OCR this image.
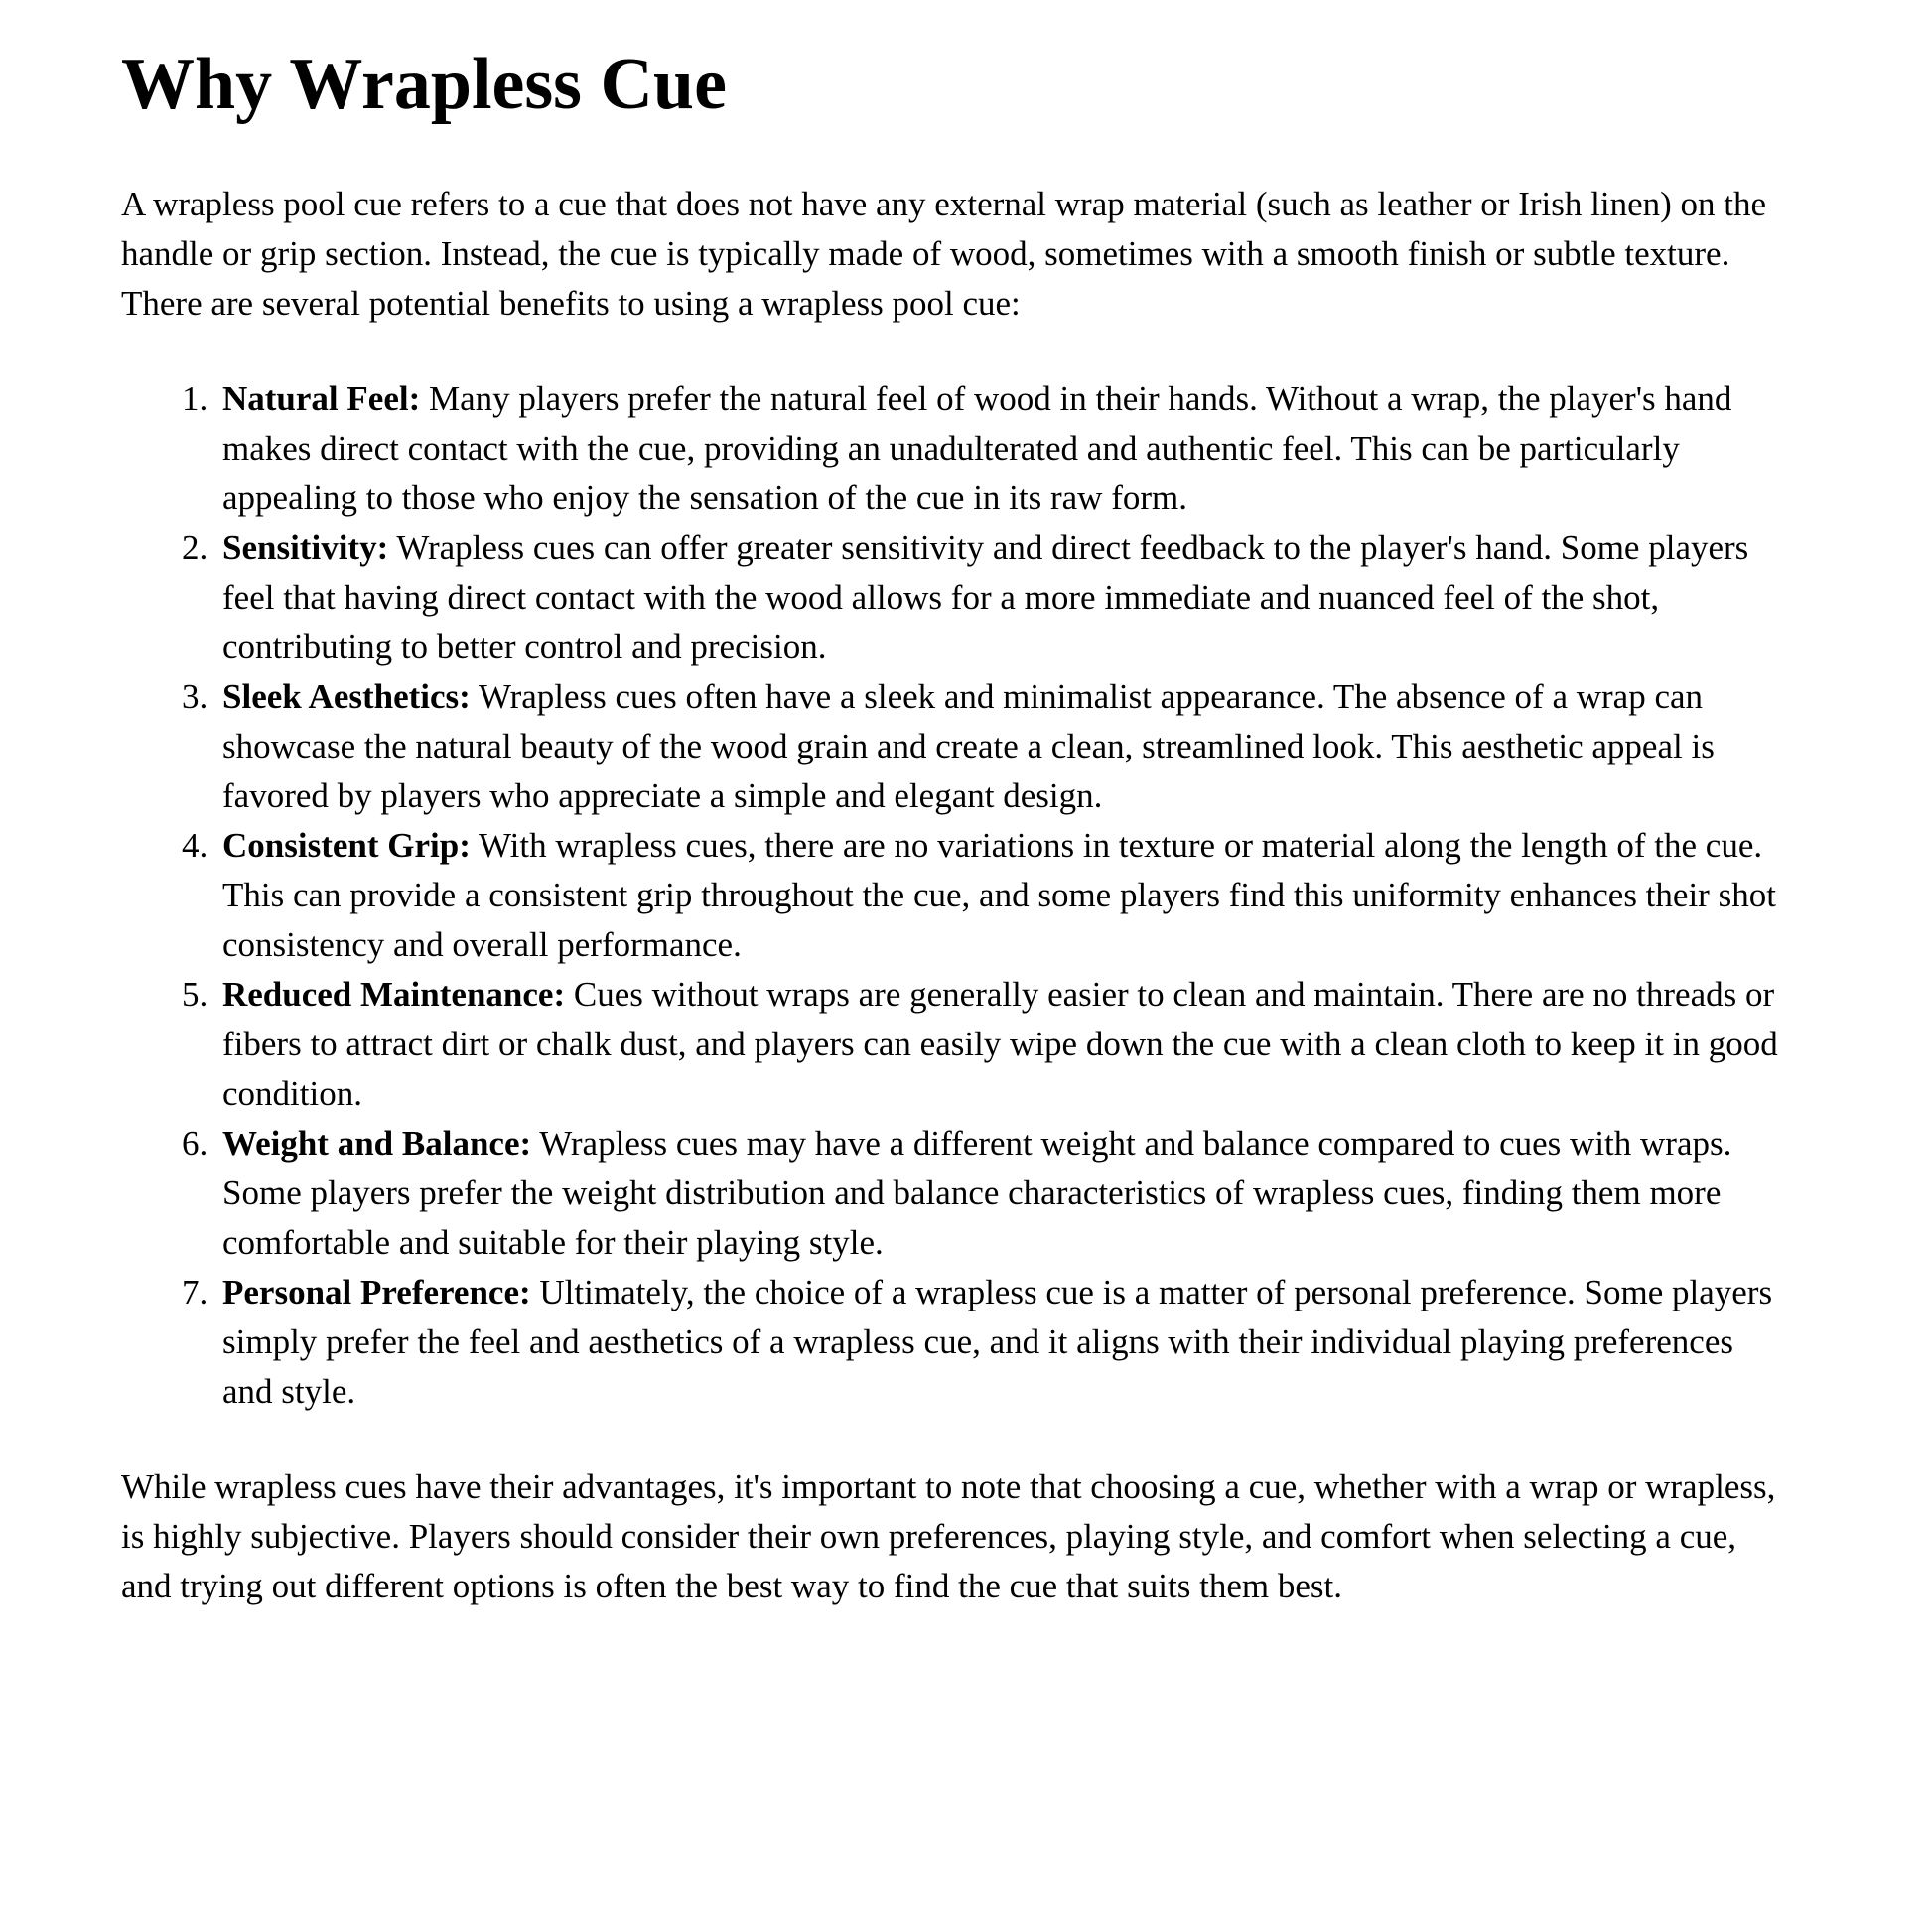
Why Wrapless Cue

A wrapless pool cue refers to a cue that does not have any external wrap material (such as leather or Irish linen) on the handle or grip section. Instead, the cue is typically made of wood, sometimes with a smooth finish or subtle texture. There are several potential benefits to using a wrapless pool cue:

1. Natural Feel: Many players prefer the natural feel of wood in their hands. Without a wrap, the player's hand makes direct contact with the cue, providing an unadulterated and authentic feel. This can be particularly appealing to those who enjoy the sensation of the cue in its raw form.
2. Sensitivity: Wrapless cues can offer greater sensitivity and direct feedback to the player's hand. Some players feel that having direct contact with the wood allows for a more immediate and nuanced feel of the shot, contributing to better control and precision.
3. Sleek Aesthetics: Wrapless cues often have a sleek and minimalist appearance. The absence of a wrap can showcase the natural beauty of the wood grain and create a clean, streamlined look. This aesthetic appeal is favored by players who appreciate a simple and elegant design.
4. Consistent Grip: With wrapless cues, there are no variations in texture or material along the length of the cue. This can provide a consistent grip throughout the cue, and some players find this uniformity enhances their shot consistency and overall performance.
5. Reduced Maintenance: Cues without wraps are generally easier to clean and maintain. There are no threads or fibers to attract dirt or chalk dust, and players can easily wipe down the cue with a clean cloth to keep it in good condition.
6. Weight and Balance: Wrapless cues may have a different weight and balance compared to cues with wraps. Some players prefer the weight distribution and balance characteristics of wrapless cues, finding them more comfortable and suitable for their playing style.
7. Personal Preference: Ultimately, the choice of a wrapless cue is a matter of personal preference. Some players simply prefer the feel and aesthetics of a wrapless cue, and it aligns with their individual playing preferences and style.

While wrapless cues have their advantages, it's important to note that choosing a cue, whether with a wrap or wrapless, is highly subjective. Players should consider their own preferences, playing style, and comfort when selecting a cue, and trying out different options is often the best way to find the cue that suits them best.
